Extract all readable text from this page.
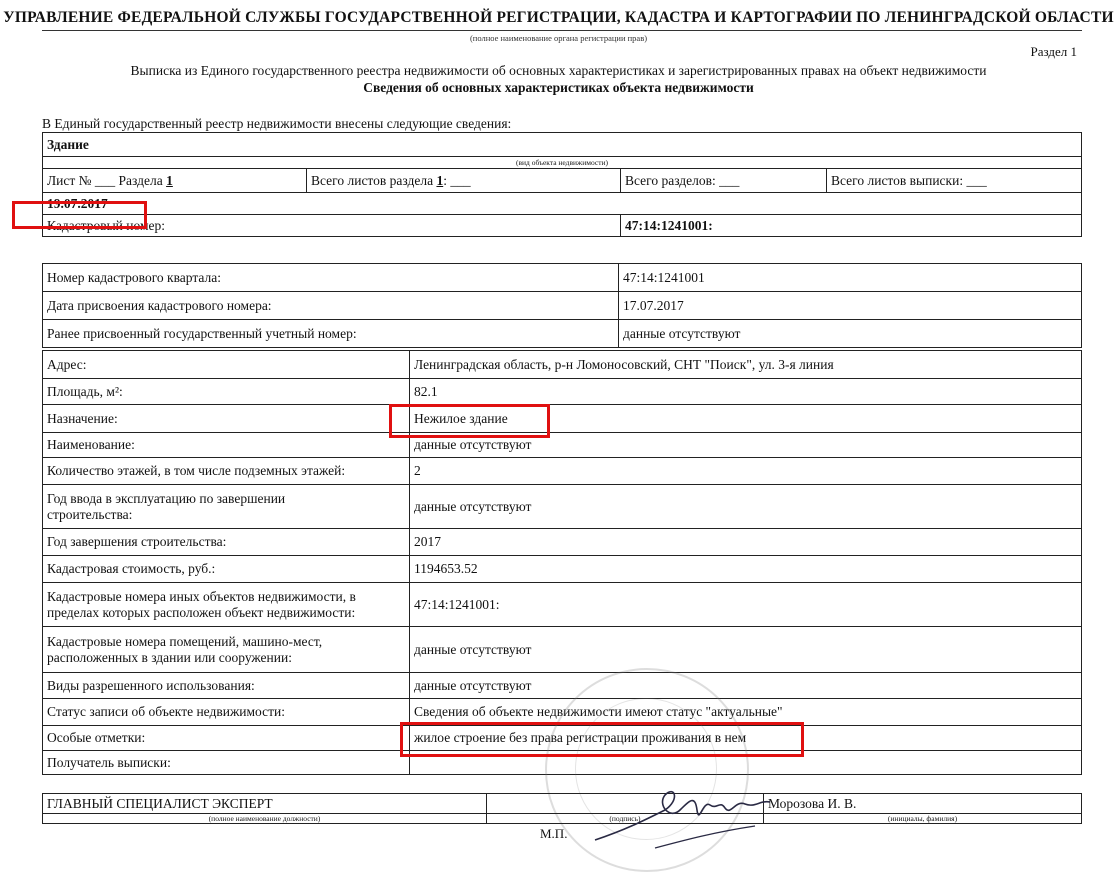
УПРАВЛЕНИЕ ФЕДЕРАЛЬНОЙ СЛУЖБЫ ГОСУДАРСТВЕННОЙ РЕГИСТРАЦИИ, КАДАСТРА И КАРТОГРАФИИ ПО ЛЕНИНГРАДСКОЙ ОБЛАСТИ
(полное наименование органа регистрации прав)
Раздел 1
Выписка из Единого государственного реестра недвижимости об основных характеристиках и зарегистрированных правах на объект недвижимости
Сведения об основных характеристиках объекта недвижимости
В Единый государственный реестр недвижимости внесены следующие сведения:
Здание			
(вид объекта недвижимости)			
Лист № ___ Раздела 1	Всего листов раздела 1: ___	Всего разделов: ___	Всего листов выписки: ___
19.07.2017			
Кадастровый номер:		47:14:1241001:	
Номер кадастрового квартала:	47:14:1241001
Дата присвоения кадастрового номера:	17.07.2017
Ранее присвоенный государственный учетный номер:	данные отсутствуют
Адрес:	Ленинградская область, р-н Ломоносовский, СНТ "Поиск", ул. 3-я линия
Площадь, м²:	82.1
Назначение:	Нежилое здание
Наименование:	данные отсутствуют
Количество этажей, в том числе подземных этажей:	2

Год ввода в эксплуатацию по завершении
строительства:	данные отсутствуют
Год завершения строительства:	2017
Кадастровая стоимость, руб.:	1194653.52

Кадастровые номера иных объектов недвижимости, в
пределах которых расположен объект недвижимости:	47:14:1241001:

Кадастровые номера помещений, машино-мест,
расположенных в здании или сооружении:	данные отсутствуют
Виды разрешенного использования:	данные отсутствуют
Статус записи об объекте недвижимости:	Сведения об объекте недвижимости имеют статус "актуальные"
Особые отметки:	жилое строение без права регистрации проживания в нем
Получатель выписки:	
ГЛАВНЫЙ СПЕЦИАЛИСТ ЭКСПЕРТ		Морозова И. В.
(полное наименование должности)	(подпись)	(инициалы, фамилия)
М.П.
